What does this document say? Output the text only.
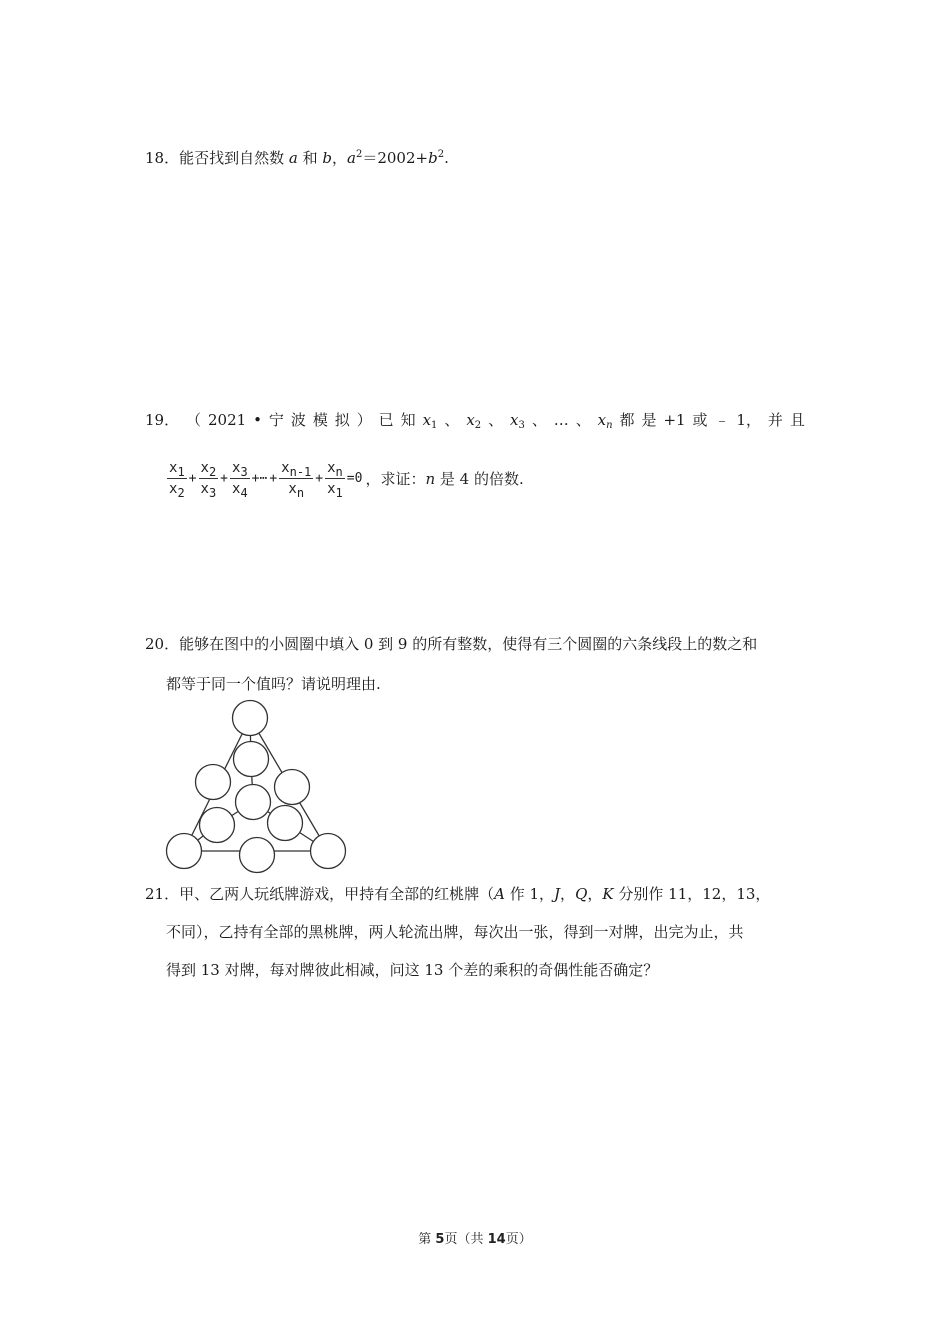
18．能否找到自然数 a 和 b，$a^2=2002+b^2$.
19． （ 2021 • 宁 波 模 拟 ） 已 知 $x_1$ 、 $x_2$ 、 $x_3$ 、 … 、 $x_n$ 都 是 +1 或 ﹣ 1， 并 且
$\frac{x_1}{x_2} + \frac{x_2}{x_3} + \frac{x_3}{x_4}$ +⋯ + $\frac{x_{n-1}}{x_n} + \frac{x_n}{x_1} =0$ ，求证：n 是 4 的倍数.
20．能够在图中的小圆圈中填入 0 到 9 的所有整数，使得有三个圆圈的六条线段上的数之和
都等于同一个值吗？请说明理由.
21．甲、乙两人玩纸牌游戏，甲持有全部的红桃牌（A 作 1，J，Q，K 分别作 11，12，13，
不同），乙持有全部的黑桃牌，两人轮流出牌，每次出一张，得到一对牌，出完为止，共
得到 13 对牌，每对牌彼此相减，问这 13 个差的乘积的奇偶性能否确定？
第 5页（共 14页）
